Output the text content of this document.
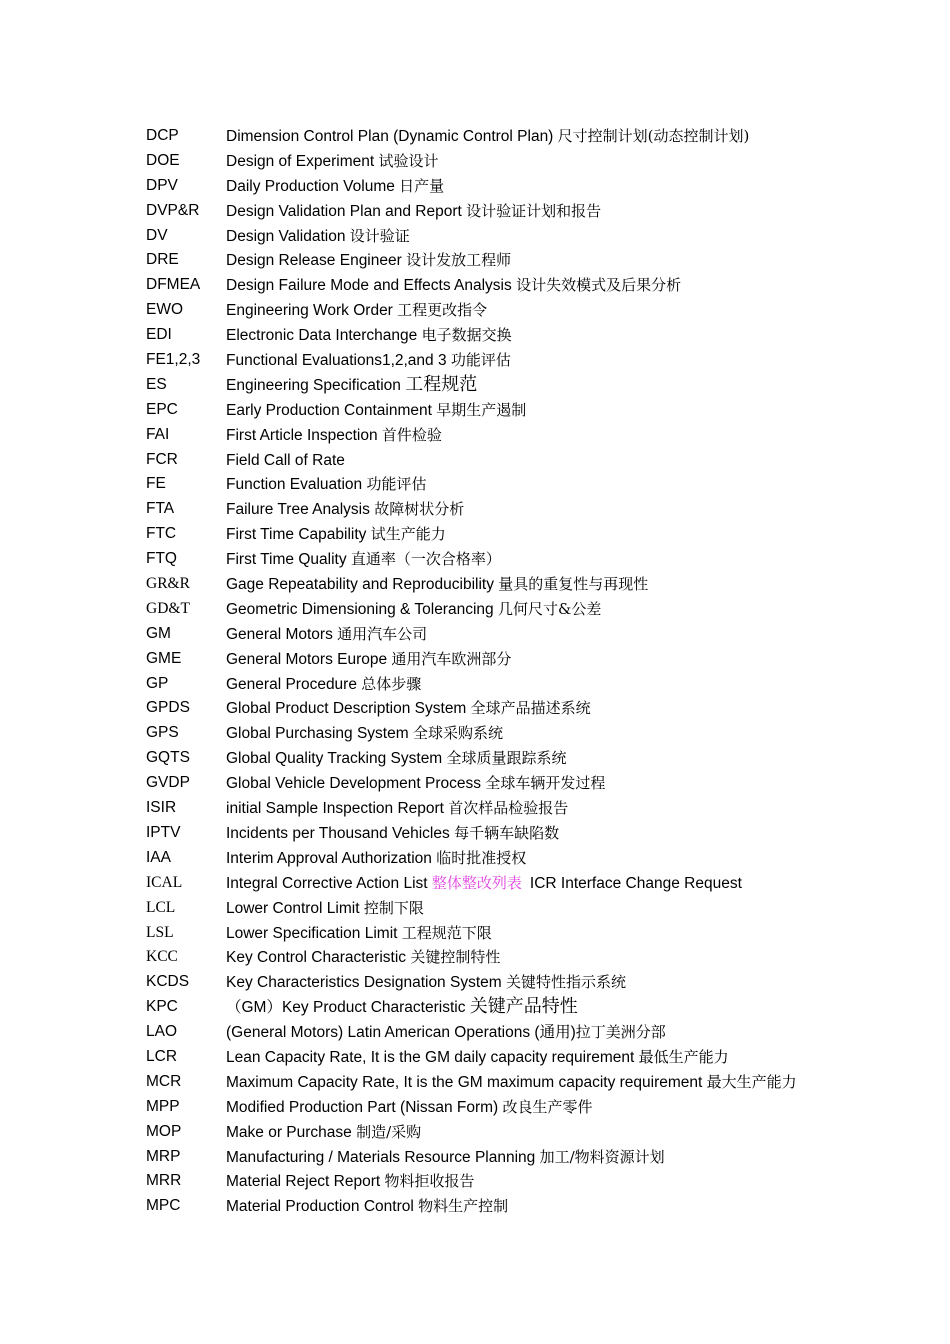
DCP	Dimension Control Plan (Dynamic Control Plan) 尺寸控制计划(动态控制计划)
DOE	Design of Experiment 试验设计
DPV	Daily Production Volume 日产量
DVP&R	Design Validation Plan and Report 设计验证计划和报告
DV	Design Validation 设计验证
DRE	Design Release Engineer 设计发放工程师
DFMEA	Design Failure Mode and Effects Analysis 设计失效模式及后果分析
EWO	Engineering Work Order 工程更改指令
EDI	Electronic Data Interchange 电子数据交换
FE1,2,3	Functional Evaluations1,2,and 3 功能评估
ES	Engineering Specification 工程规范
EPC	Early Production Containment 早期生产遏制
FAI	First Article Inspection 首件检验
FCR	Field Call of Rate
FE	Function Evaluation 功能评估
FTA	Failure Tree Analysis 故障树状分析
FTC	First Time Capability 试生产能力
FTQ	First Time Quality 直通率（一次合格率）
GR&R	Gage Repeatability and Reproducibility 量具的重复性与再现性
GD&T	Geometric Dimensioning & Tolerancing 几何尺寸&公差
GM	General Motors 通用汽车公司
GME	General Motors Europe 通用汽车欧洲部分
GP	General Procedure 总体步骤
GPDS	Global Product Description System 全球产品描述系统
GPS	Global Purchasing System 全球采购系统
GQTS	Global Quality Tracking System 全球质量跟踪系统
GVDP	Global Vehicle Development Process 全球车辆开发过程
ISIR	initial Sample Inspection Report 首次样品检验报告
IPTV	Incidents per Thousand Vehicles 每千辆车缺陷数
IAA	Interim Approval Authorization 临时批准授权
ICAL	Integral Corrective Action List 整体整改列表 ICR Interface Change Request
LCL	Lower Control Limit 控制下限
LSL	Lower Specification Limit 工程规范下限
KCC	Key Control Characteristic 关键控制特性
KCDS	Key Characteristics Designation System 关键特性指示系统
KPC	（GM）Key Product Characteristic 关键产品特性
LAO	(General Motors) Latin American Operations (通用)拉丁美洲分部
LCR	Lean Capacity Rate, It is the GM daily capacity requirement 最低生产能力
MCR	Maximum Capacity Rate, It is the GM maximum capacity requirement 最大生产能力
MPP	Modified Production Part (Nissan Form) 改良生产零件
MOP	Make or Purchase 制造/采购
MRP	Manufacturing / Materials Resource Planning 加工/物料资源计划
MRR	Material Reject Report 物料拒收报告
MPC	Material Production Control 物料生产控制
